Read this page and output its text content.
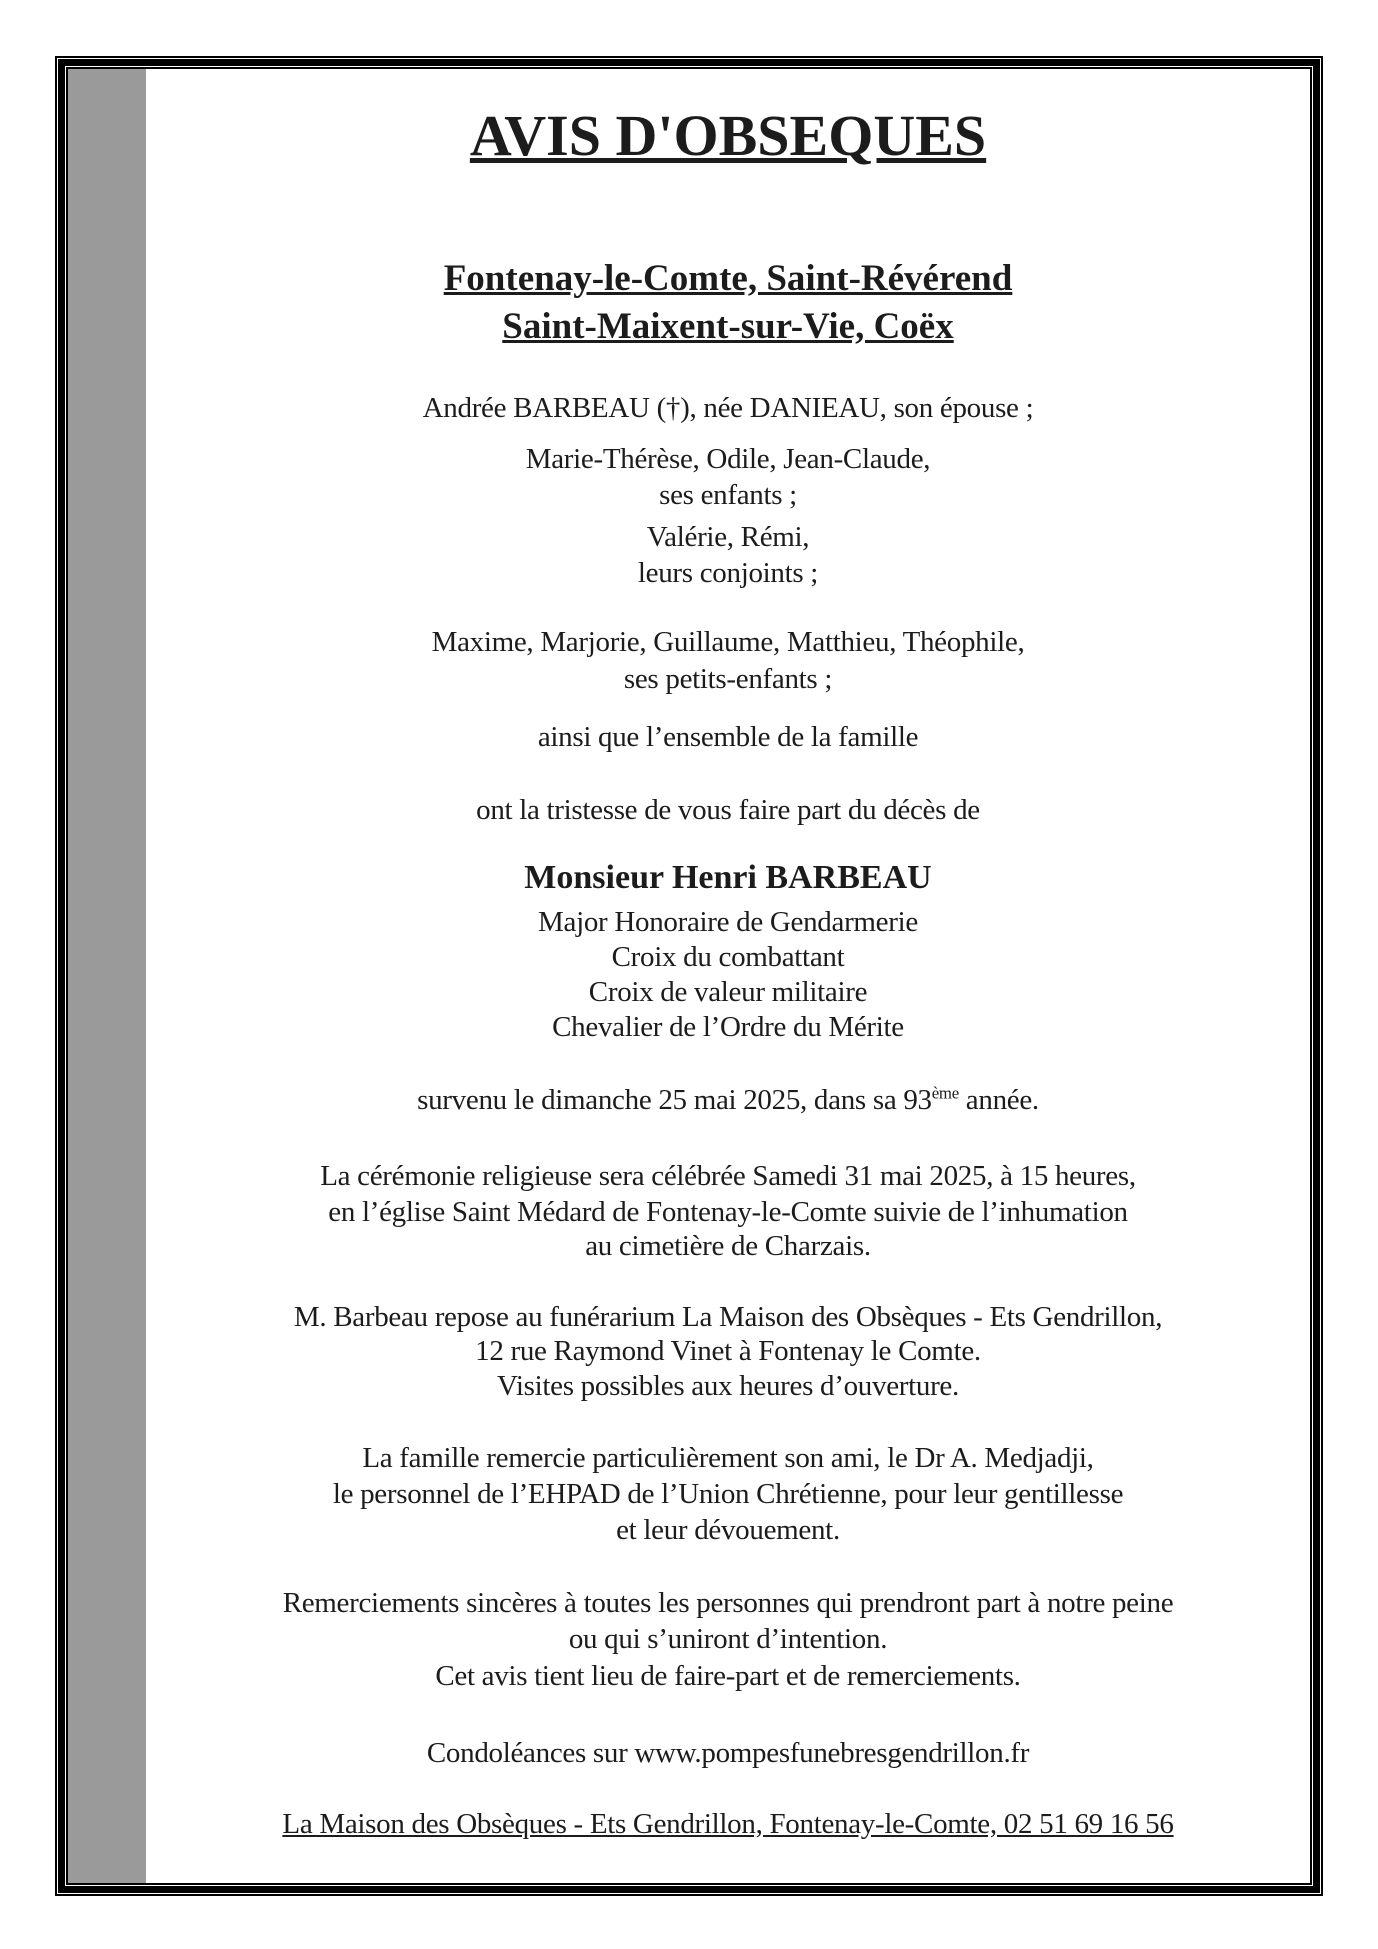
AVIS D'OBSEQUES
Fontenay-le-Comte, Saint-Révérend
Saint-Maixent-sur-Vie, Coëx
Andrée BARBEAU (†), née DANIEAU, son épouse ;
Marie-Thérèse, Odile, Jean-Claude,
ses enfants ;
Valérie, Rémi,
leurs conjoints ;
Maxime, Marjorie, Guillaume, Matthieu, Théophile,
ses petits-enfants ;
ainsi que l’ensemble de la famille
ont la tristesse de vous faire part du décès de
Monsieur Henri BARBEAU
Major Honoraire de Gendarmerie
Croix du combattant
Croix de valeur militaire
Chevalier de l’Ordre du Mérite
survenu le dimanche 25 mai 2025, dans sa 93ème année.
La cérémonie religieuse sera célébrée Samedi 31 mai 2025, à 15 heures,
en l’église Saint Médard de Fontenay-le-Comte suivie de l’inhumation
au cimetière de Charzais.
M. Barbeau repose au funérarium La Maison des Obsèques - Ets Gendrillon,
12 rue Raymond Vinet à Fontenay le Comte.
Visites possibles aux heures d’ouverture.
La famille remercie particulièrement son ami, le Dr A. Medjadji,
le personnel de l’EHPAD de l’Union Chrétienne, pour leur gentillesse
et leur dévouement.
Remerciements sincères à toutes les personnes qui prendront part à notre peine
ou qui s’uniront d’intention.
Cet avis tient lieu de faire-part et de remerciements.
Condoléances sur www.pompesfunebresgendrillon.fr
La Maison des Obsèques - Ets Gendrillon, Fontenay-le-Comte, 02 51 69 16 56
